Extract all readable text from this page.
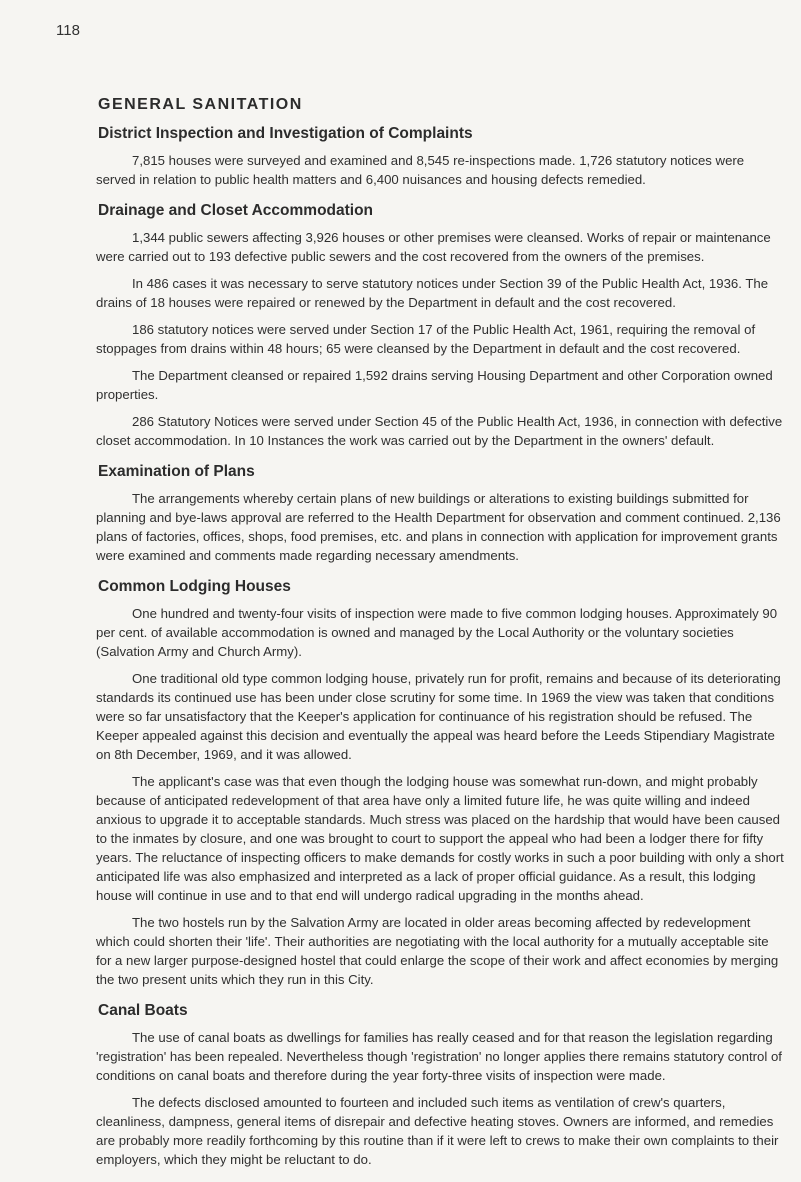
118
GENERAL SANITATION
District Inspection and Investigation of Complaints

7,815 houses were surveyed and examined and 8,545 re-inspections made. 1,726 statutory notices were served in relation to public health matters and 6,400 nuisances and housing defects remedied.

Drainage and Closet Accommodation

1,344 public sewers affecting 3,926 houses or other premises were cleansed. Works of repair or maintenance were carried out to 193 defective public sewers and the cost recovered from the owners of the premises.

In 486 cases it was necessary to serve statutory notices under Section 39 of the Public Health Act, 1936. The drains of 18 houses were repaired or renewed by the Department in default and the cost recovered.

186 statutory notices were served under Section 17 of the Public Health Act, 1961, requiring the removal of stoppages from drains within 48 hours; 65 were cleansed by the Department in default and the cost recovered.

The Department cleansed or repaired 1,592 drains serving Housing Department and other Corporation owned properties.

286 Statutory Notices were served under Section 45 of the Public Health Act, 1936, in connection with defective closet accommodation. In 10 Instances the work was carried out by the Department in the owners' default.

Examination of Plans

The arrangements whereby certain plans of new buildings or alterations to existing buildings submitted for planning and bye-laws approval are referred to the Health Department for observation and comment continued. 2,136 plans of factories, offices, shops, food premises, etc. and plans in connection with application for improvement grants were examined and comments made regarding necessary amendments.

Common Lodging Houses

One hundred and twenty-four visits of inspection were made to five common lodging houses. Approximately 90 per cent. of available accommodation is owned and managed by the Local Authority or the voluntary societies (Salvation Army and Church Army).

One traditional old type common lodging house, privately run for profit, remains and because of its deteriorating standards its continued use has been under close scrutiny for some time. In 1969 the view was taken that conditions were so far unsatisfactory that the Keeper's application for continuance of his registration should be refused. The Keeper appealed against this decision and eventually the appeal was heard before the Leeds Stipendiary Magistrate on 8th December, 1969, and it was allowed.

The applicant's case was that even though the lodging house was somewhat run-down, and might probably because of anticipated redevelopment of that area have only a limited future life, he was quite willing and indeed anxious to upgrade it to acceptable standards. Much stress was placed on the hardship that would have been caused to the inmates by closure, and one was brought to court to support the appeal who had been a lodger there for fifty years. The reluctance of inspecting officers to make demands for costly works in such a poor building with only a short anticipated life was also emphasized and interpreted as a lack of proper official guidance. As a result, this lodging house will continue in use and to that end will undergo radical upgrading in the months ahead.

The two hostels run by the Salvation Army are located in older areas becoming affected by redevelopment which could shorten their 'life'. Their authorities are negotiating with the local authority for a mutually acceptable site for a new larger purpose-designed hostel that could enlarge the scope of their work and affect economies by merging the two present units which they run in this City.

Canal Boats

The use of canal boats as dwellings for families has really ceased and for that reason the legislation regarding 'registration' has been repealed. Nevertheless though 'registration' no longer applies there remains statutory control of conditions on canal boats and therefore during the year forty-three visits of inspection were made.

The defects disclosed amounted to fourteen and included such items as ventilation of crew's quarters, cleanliness, dampness, general items of disrepair and defective heating stoves. Owners are informed, and remedies are probably more readily forthcoming by this routine than if it were left to crews to make their own complaints to their employers, which they might be reluctant to do.
